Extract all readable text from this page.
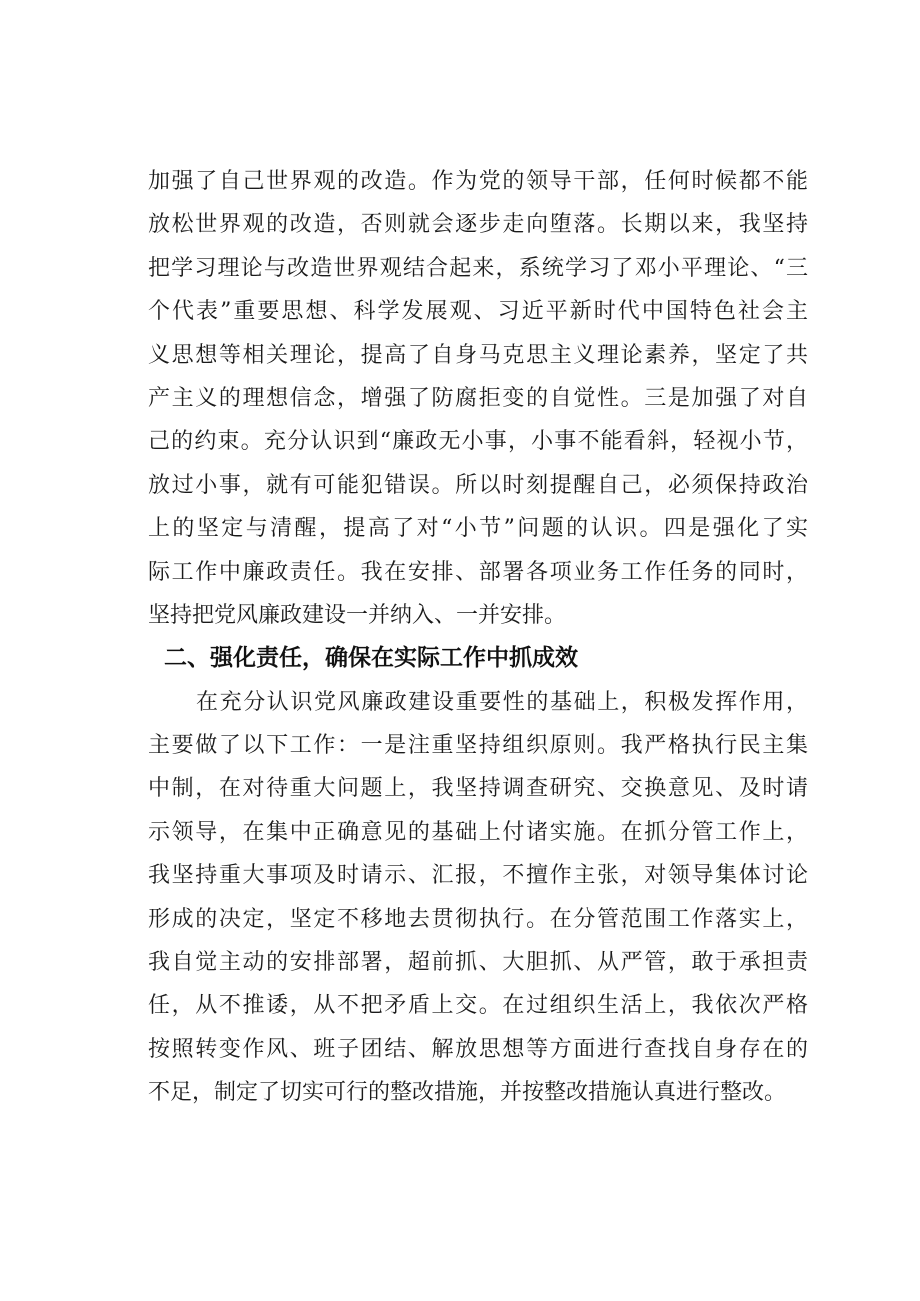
加强了自己世界观的改造。作为党的领导干部，任何时候都不能
放松世界观的改造，否则就会逐步走向堕落。长期以来，我坚持
把学习理论与改造世界观结合起来，系统学习了邓小平理论、“三
个代表”重要思想、科学发展观、习近平新时代中国特色社会主
义思想等相关理论，提高了自身马克思主义理论素养，坚定了共
产主义的理想信念，增强了防腐拒变的自觉性。三是加强了对自
己的约束。充分认识到“廉政无小事，小事不能看斜，轻视小节，
放过小事，就有可能犯错误。所以时刻提醒自己，必须保持政治
上的坚定与清醒，提高了对“小节”问题的认识。四是强化了实
际工作中廉政责任。我在安排、部署各项业务工作任务的同时，
坚持把党风廉政建设一并纳入、一并安排。
二、强化责任，确保在实际工作中抓成效
在充分认识党风廉政建设重要性的基础上，积极发挥作用，
主要做了以下工作：一是注重坚持组织原则。我严格执行民主集
中制，在对待重大问题上，我坚持调查研究、交换意见、及时请
示领导，在集中正确意见的基础上付诸实施。在抓分管工作上，
我坚持重大事项及时请示、汇报，不擅作主张，对领导集体讨论
形成的决定，坚定不移地去贯彻执行。在分管范围工作落实上，
我自觉主动的安排部署，超前抓、大胆抓、从严管，敢于承担责
任，从不推诿，从不把矛盾上交。在过组织生活上，我依次严格
按照转变作风、班子团结、解放思想等方面进行查找自身存在的
不足，制定了切实可行的整改措施，并按整改措施认真进行整改。
